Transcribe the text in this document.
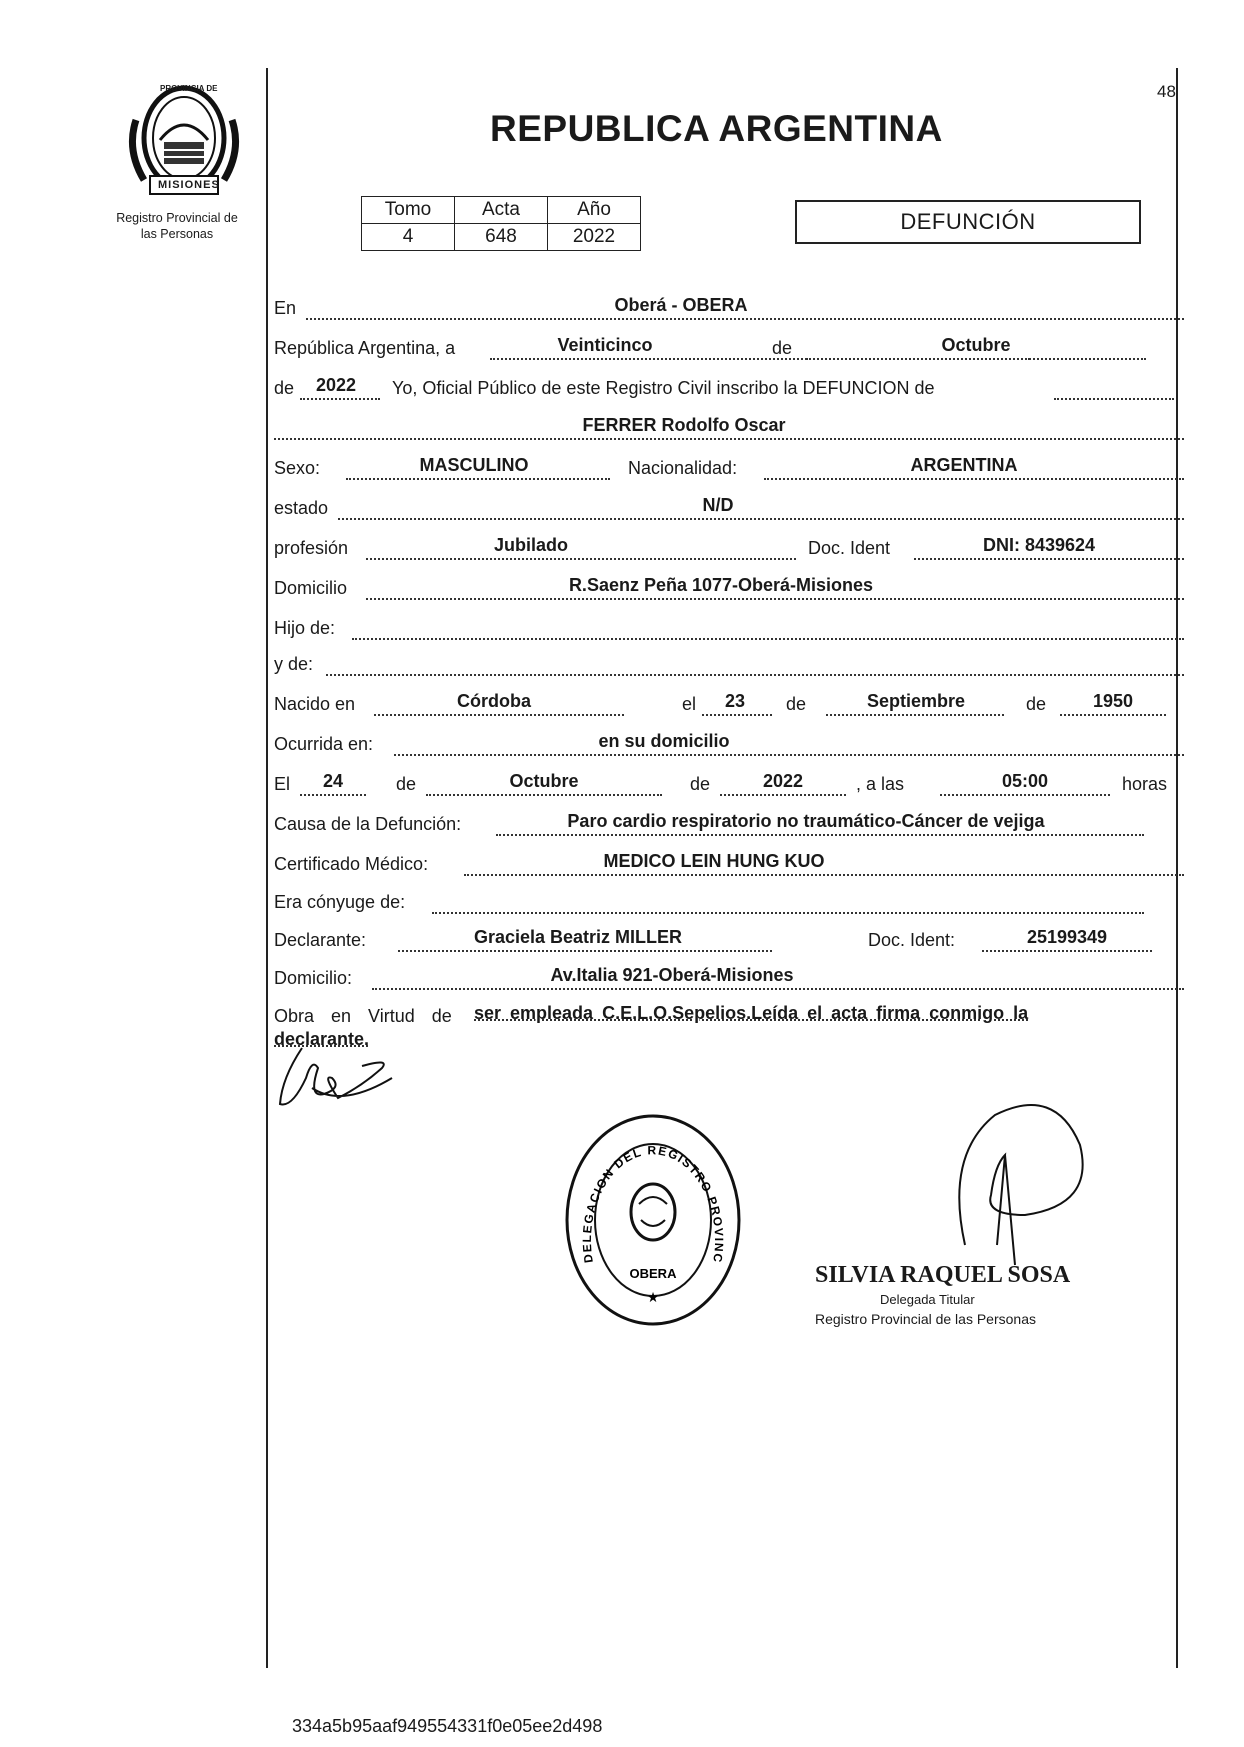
PROVINCIA DE
MISIONES
Registro Provincial de
las Personas
48
REPUBLICA ARGENTINA
Tomo	Acta	Año
4	648	2022
DEFUNCIÓN
En	Oberá - OBERA
República Argentina, a	Veinticinco	de	Octubre
de	2022	Yo, Oficial Público de este Registro Civil inscribo la DEFUNCION de
FERRER Rodolfo Oscar
Sexo:	MASCULINO	Nacionalidad:	ARGENTINA
estado	N/D
profesión	Jubilado	Doc. Ident	DNI: 8439624
Domicilio	R.Saenz Peña 1077-Oberá-Misiones
Hijo de:
y de:
Nacido en	Córdoba	el	23	de	Septiembre	de	1950
Ocurrida en:	en su domicilio
El	24	de	Octubre	de	2022	, a las	05:00	horas
Causa de la Defunción:	Paro cardio respiratorio no traumático-Cáncer de vejiga
Certificado Médico:	MEDICO LEIN HUNG KUO
Era cónyuge de:
Declarante:	Graciela Beatriz MILLER	Doc. Ident:	25199349
Domicilio:	Av.Italia 921-Oberá-Misiones
Obra en Virtud de ser empleada C.E.L.O.Sepelios.Leída el acta firma conmigo la
declarante.
DELEGACION DEL REGISTRO PROVINC
OBERA
★
SILVIA RAQUEL SOSA
Delegada Titular
Registro Provincial de las Personas
334a5b95aaf949554331f0e05ee2d498
